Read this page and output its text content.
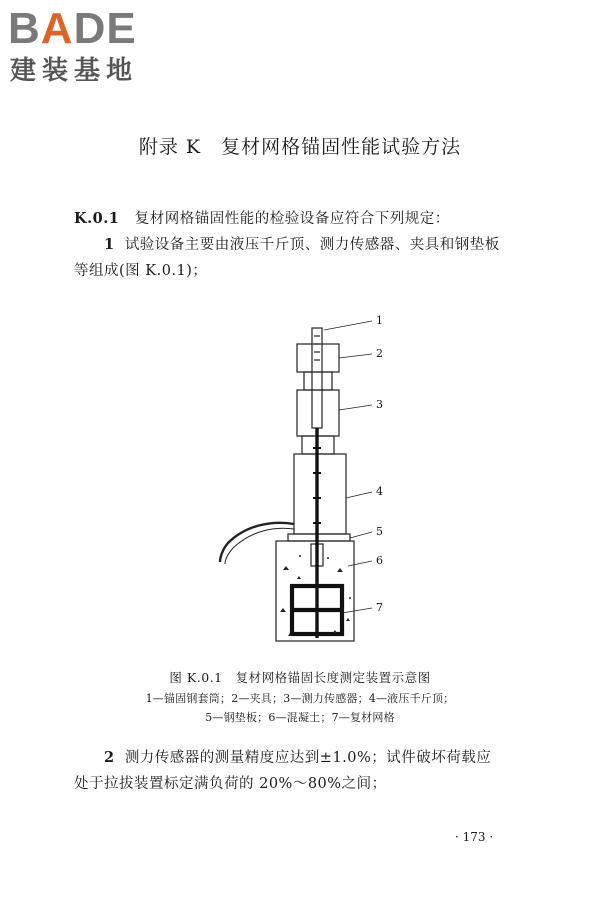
BADE
建装基地
附录 K　复材网格锚固性能试验方法
K.0.1 复材网格锚固性能的检验设备应符合下列规定：
1 试验设备主要由液压千斤顶、测力传感器、夹具和钢垫板
等组成(图 K.0.1)；
1
2
3
4
5
6
7
图 K.0.1　复材网格锚固长度测定装置示意图
1—锚固钢套筒；2—夹具；3—测力传感器；4—液压千斤顶；
5—钢垫板；6—混凝土；7—复材网格
2 测力传感器的测量精度应达到±1.0%；试件破坏荷载应
处于拉拔装置标定满负荷的 20%～80%之间；
· 173 ·
